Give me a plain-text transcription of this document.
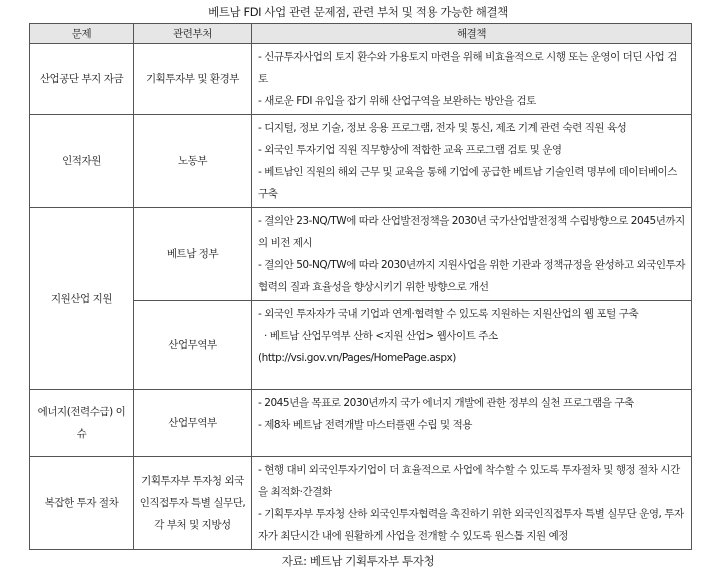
베트남 FDI 사업 관련 문제점, 관련 부처 및 적용 가능한 해결책
문제	관련부처	해결책
산업공단 부지 자금	기획투자부 및 환경부	- 신규투자사업의 토지 환수와 가용토지 마련을 위해 비효율적으로 시행 또는 운영이 더딘 사업 검토

- 새로운 FDI 유입을 잡기 위해 산업구역을 보완하는 방안을 검토

인적자원	노동부	- 디지털, 정보 기술, 정보 응용 프로그램, 전자 및 통신, 제조 기계 관련 숙련 직원 육성

- 외국인 투자기업 직원 직무향상에 적합한 교육 프로그램 검토 및 운영

- 베트남인 직원의 해외 근무 및 교육을 통해 기업에 공급한 베트남 기술인력 명부에 데이터베이스 구축

지원산업 지원	베트남 정부	- 결의안 23-NQ/TW에 따라 산업발전정책을 2030년 국가산업발전정책 수립방향으로 2045년까지의 비전 제시

- 결의안 50-NQ/TW에 따라 2030년까지 지원사업을 위한 기관과 정책규정을 완성하고 외국인투자 협력의 질과 효율성을 향상시키기 위한 방향으로 개선

	산업무역부	- 외국인 투자자가 국내 기업과 연계·협력할 수 있도록 지원하는 지원산업의 웹 포털 구축

· 베트남 산업무역부 산하 <지원 산업> 웹사이트 주소

(http://vsi.gov.vn/Pages/HomePage.aspx)

에너지(전력수급) 이슈	산업무역부	- 2045년을 목표로 2030년까지 국가 에너지 개발에 관한 정부의 실천 프로그램을 구축

- 제8차 베트남 전력개발 마스터플랜 수립 및 적용

복잡한 투자 절차	기획투자부 투자청 외국인직접투자 특별 실무단, 각 부처 및 지방성	- 현행 대비 외국인투자기업이 더 효율적으로 사업에 착수할 수 있도록 투자절차 및 행정 절차 시간을 최적화·간결화

- 기획투자부 투자청 산하 외국인투자협력을 촉진하기 위한 외국인직접투자 특별 실무단 운영, 투자자가 최단시간 내에 원활하게 사업을 전개할 수 있도록 원스톱 지원 예정

자료: 베트남 기획투자부 투자청
